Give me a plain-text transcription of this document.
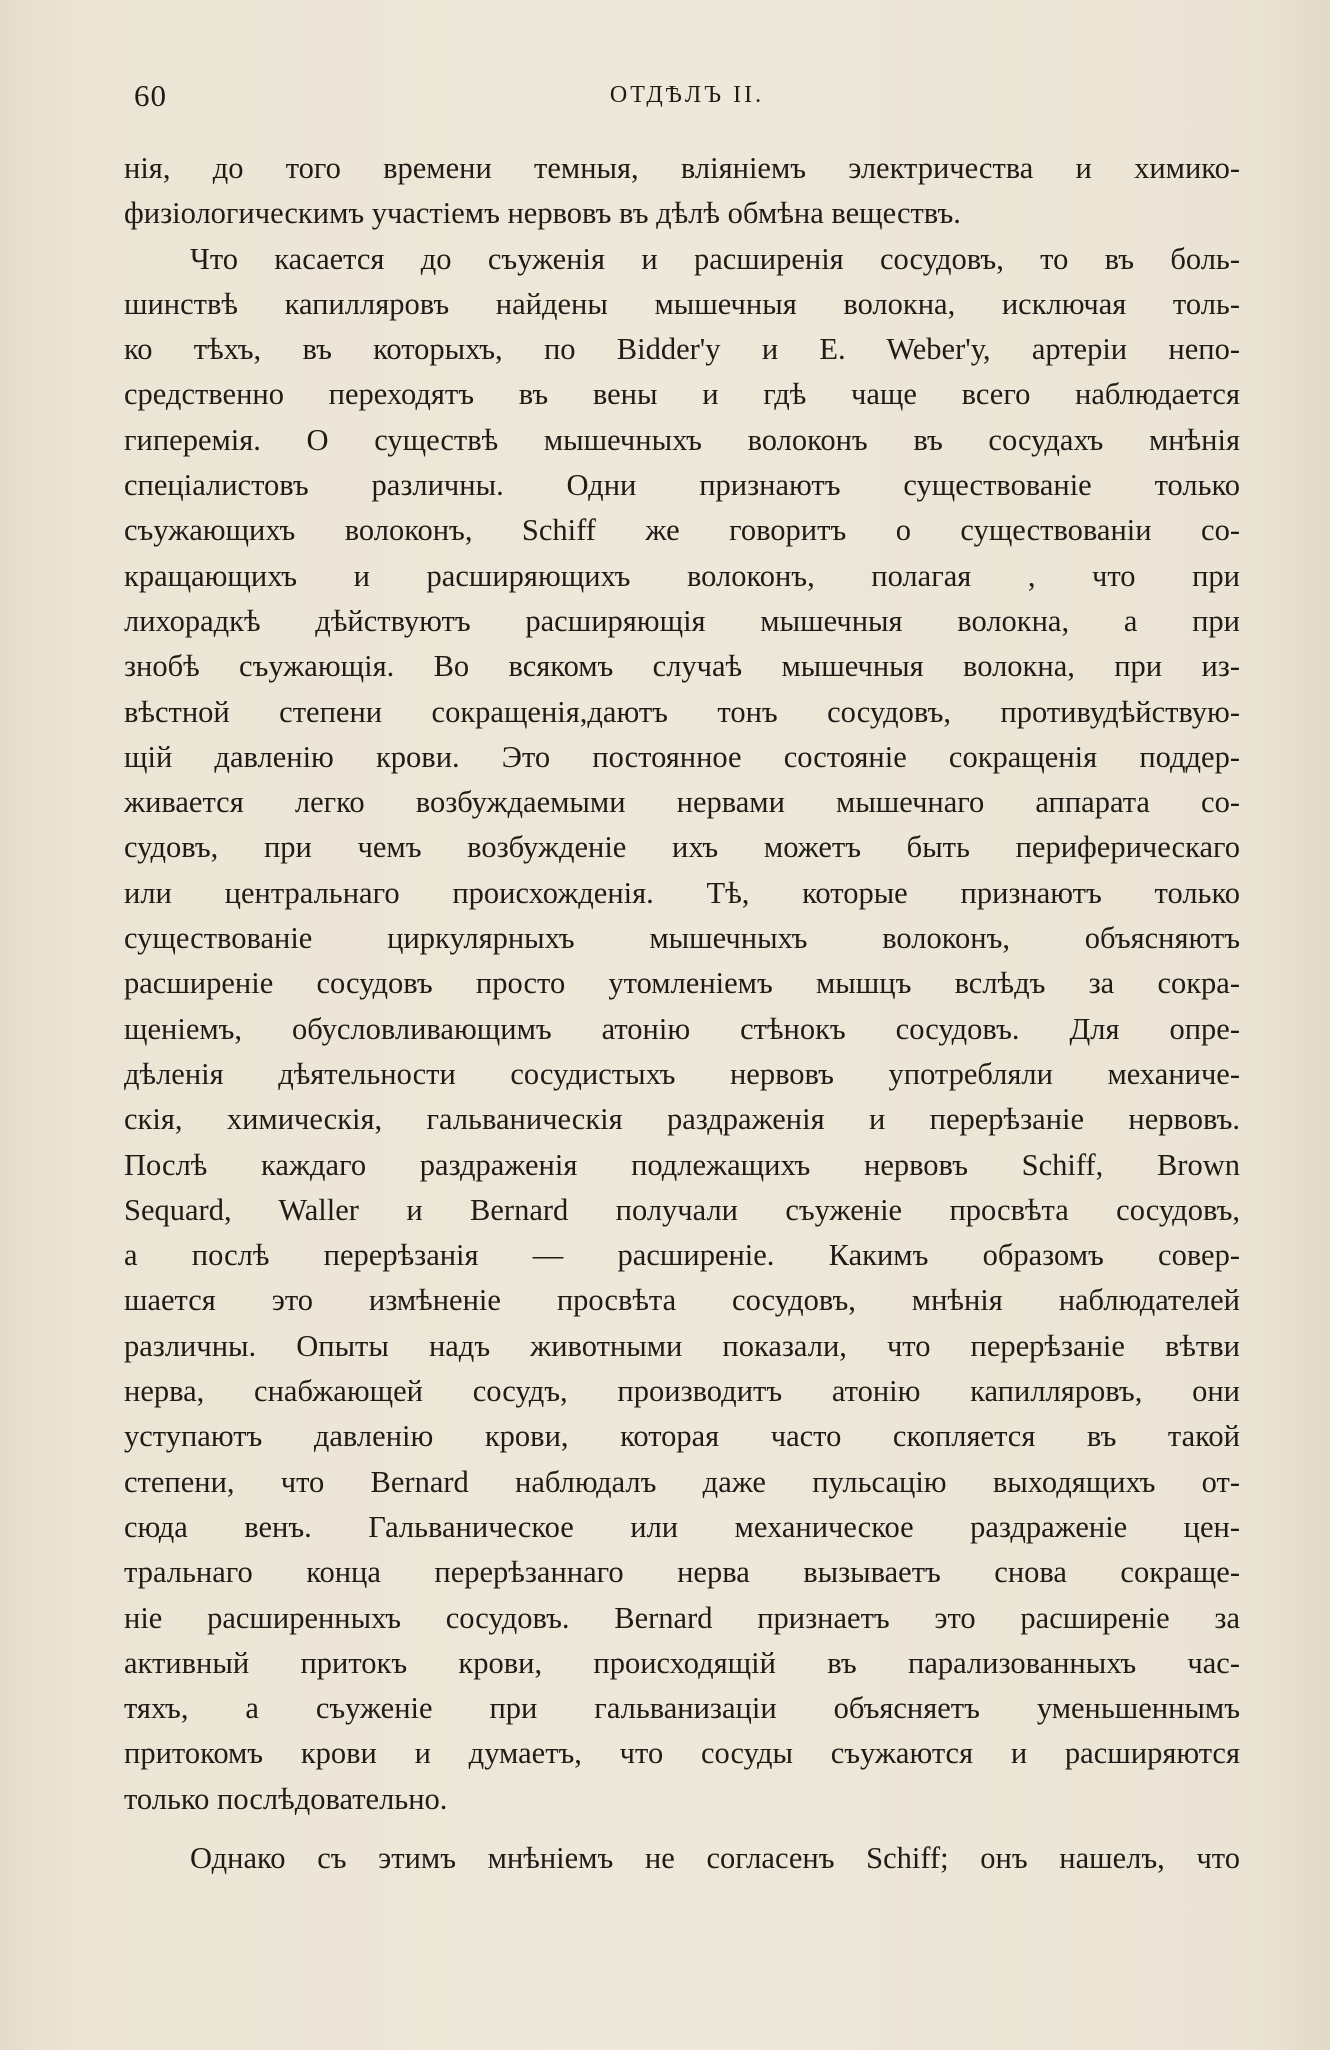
60	ОТДѢЛЪ II.
нія, до того времени темныя, вліяніемъ электричества и химико-
физіологическимъ участіемъ нервовъ въ дѣлѣ обмѣна веществъ.
Что касается до съуженія и расширенія сосудовъ, то въ боль-
шинствѣ капилляровъ найдены мышечныя волокна, исключая толь-
ко тѣхъ, въ которыхъ, по Bidder'у и E. Weber'у, артеріи непо-
средственно переходятъ въ вены и гдѣ чаще всего наблюдается
гиперемія. О существѣ мышечныхъ волоконъ въ сосудахъ мнѣнія
спеціалистовъ различны. Одни признаютъ существованіе только
съужающихъ волоконъ, Schiff же говоритъ о существованіи со-
кращающихъ и расширяющихъ волоконъ, полагая , что при
лихорадкѣ дѣйствуютъ расширяющія мышечныя волокна, а при
знобѣ съужающія. Во всякомъ случаѣ мышечныя волокна, при из-
вѣстной степени сокращенія,даютъ тонъ сосудовъ, противудѣйствую-
щій давленію крови. Это постоянное состояніе сокращенія поддер-
живается легко возбуждаемыми нервами мышечнаго аппарата со-
судовъ, при чемъ возбужденіе ихъ можетъ быть периферическаго
или центральнаго происхожденія. Тѣ, которые признаютъ только
существованіе циркулярныхъ мышечныхъ волоконъ, объясняютъ
расширеніе сосудовъ просто утомленіемъ мышцъ вслѣдъ за сокра-
щеніемъ, обусловливающимъ атонію стѣнокъ сосудовъ. Для опре-
дѣленія дѣятельности сосудистыхъ нервовъ употребляли механиче-
скія, химическія, гальваническія раздраженія и перерѣзаніе нервовъ.
Послѣ каждаго раздраженія подлежащихъ нервовъ Schiff, Brown
Sequard, Waller и Bernard получали съуженіе просвѣта сосудовъ,
а послѣ перерѣзанія — расширеніе. Какимъ образомъ совер-
шается это измѣненіе просвѣта сосудовъ, мнѣнія наблюдателей
различны. Опыты надъ животными показали, что перерѣзаніе вѣтви
нерва, снабжающей сосудъ, производитъ атонію капилляровъ, они
уступаютъ давленію крови, которая часто скопляется въ такой
степени, что Bernard наблюдалъ даже пульсацію выходящихъ от-
сюда венъ. Гальваническое или механическое раздраженіе цен-
тральнаго конца перерѣзаннаго нерва вызываетъ снова сокраще-
ніе расширенныхъ сосудовъ. Bernard признаетъ это расширеніе за
активный притокъ крови, происходящій въ парализованныхъ час-
тяхъ, а съуженіе при гальванизаціи объясняетъ уменьшеннымъ
притокомъ крови и думаетъ, что сосуды съужаются и расширяются
только послѣдовательно.
Однако съ этимъ мнѣніемъ не согласенъ Schiff; онъ нашелъ, что
